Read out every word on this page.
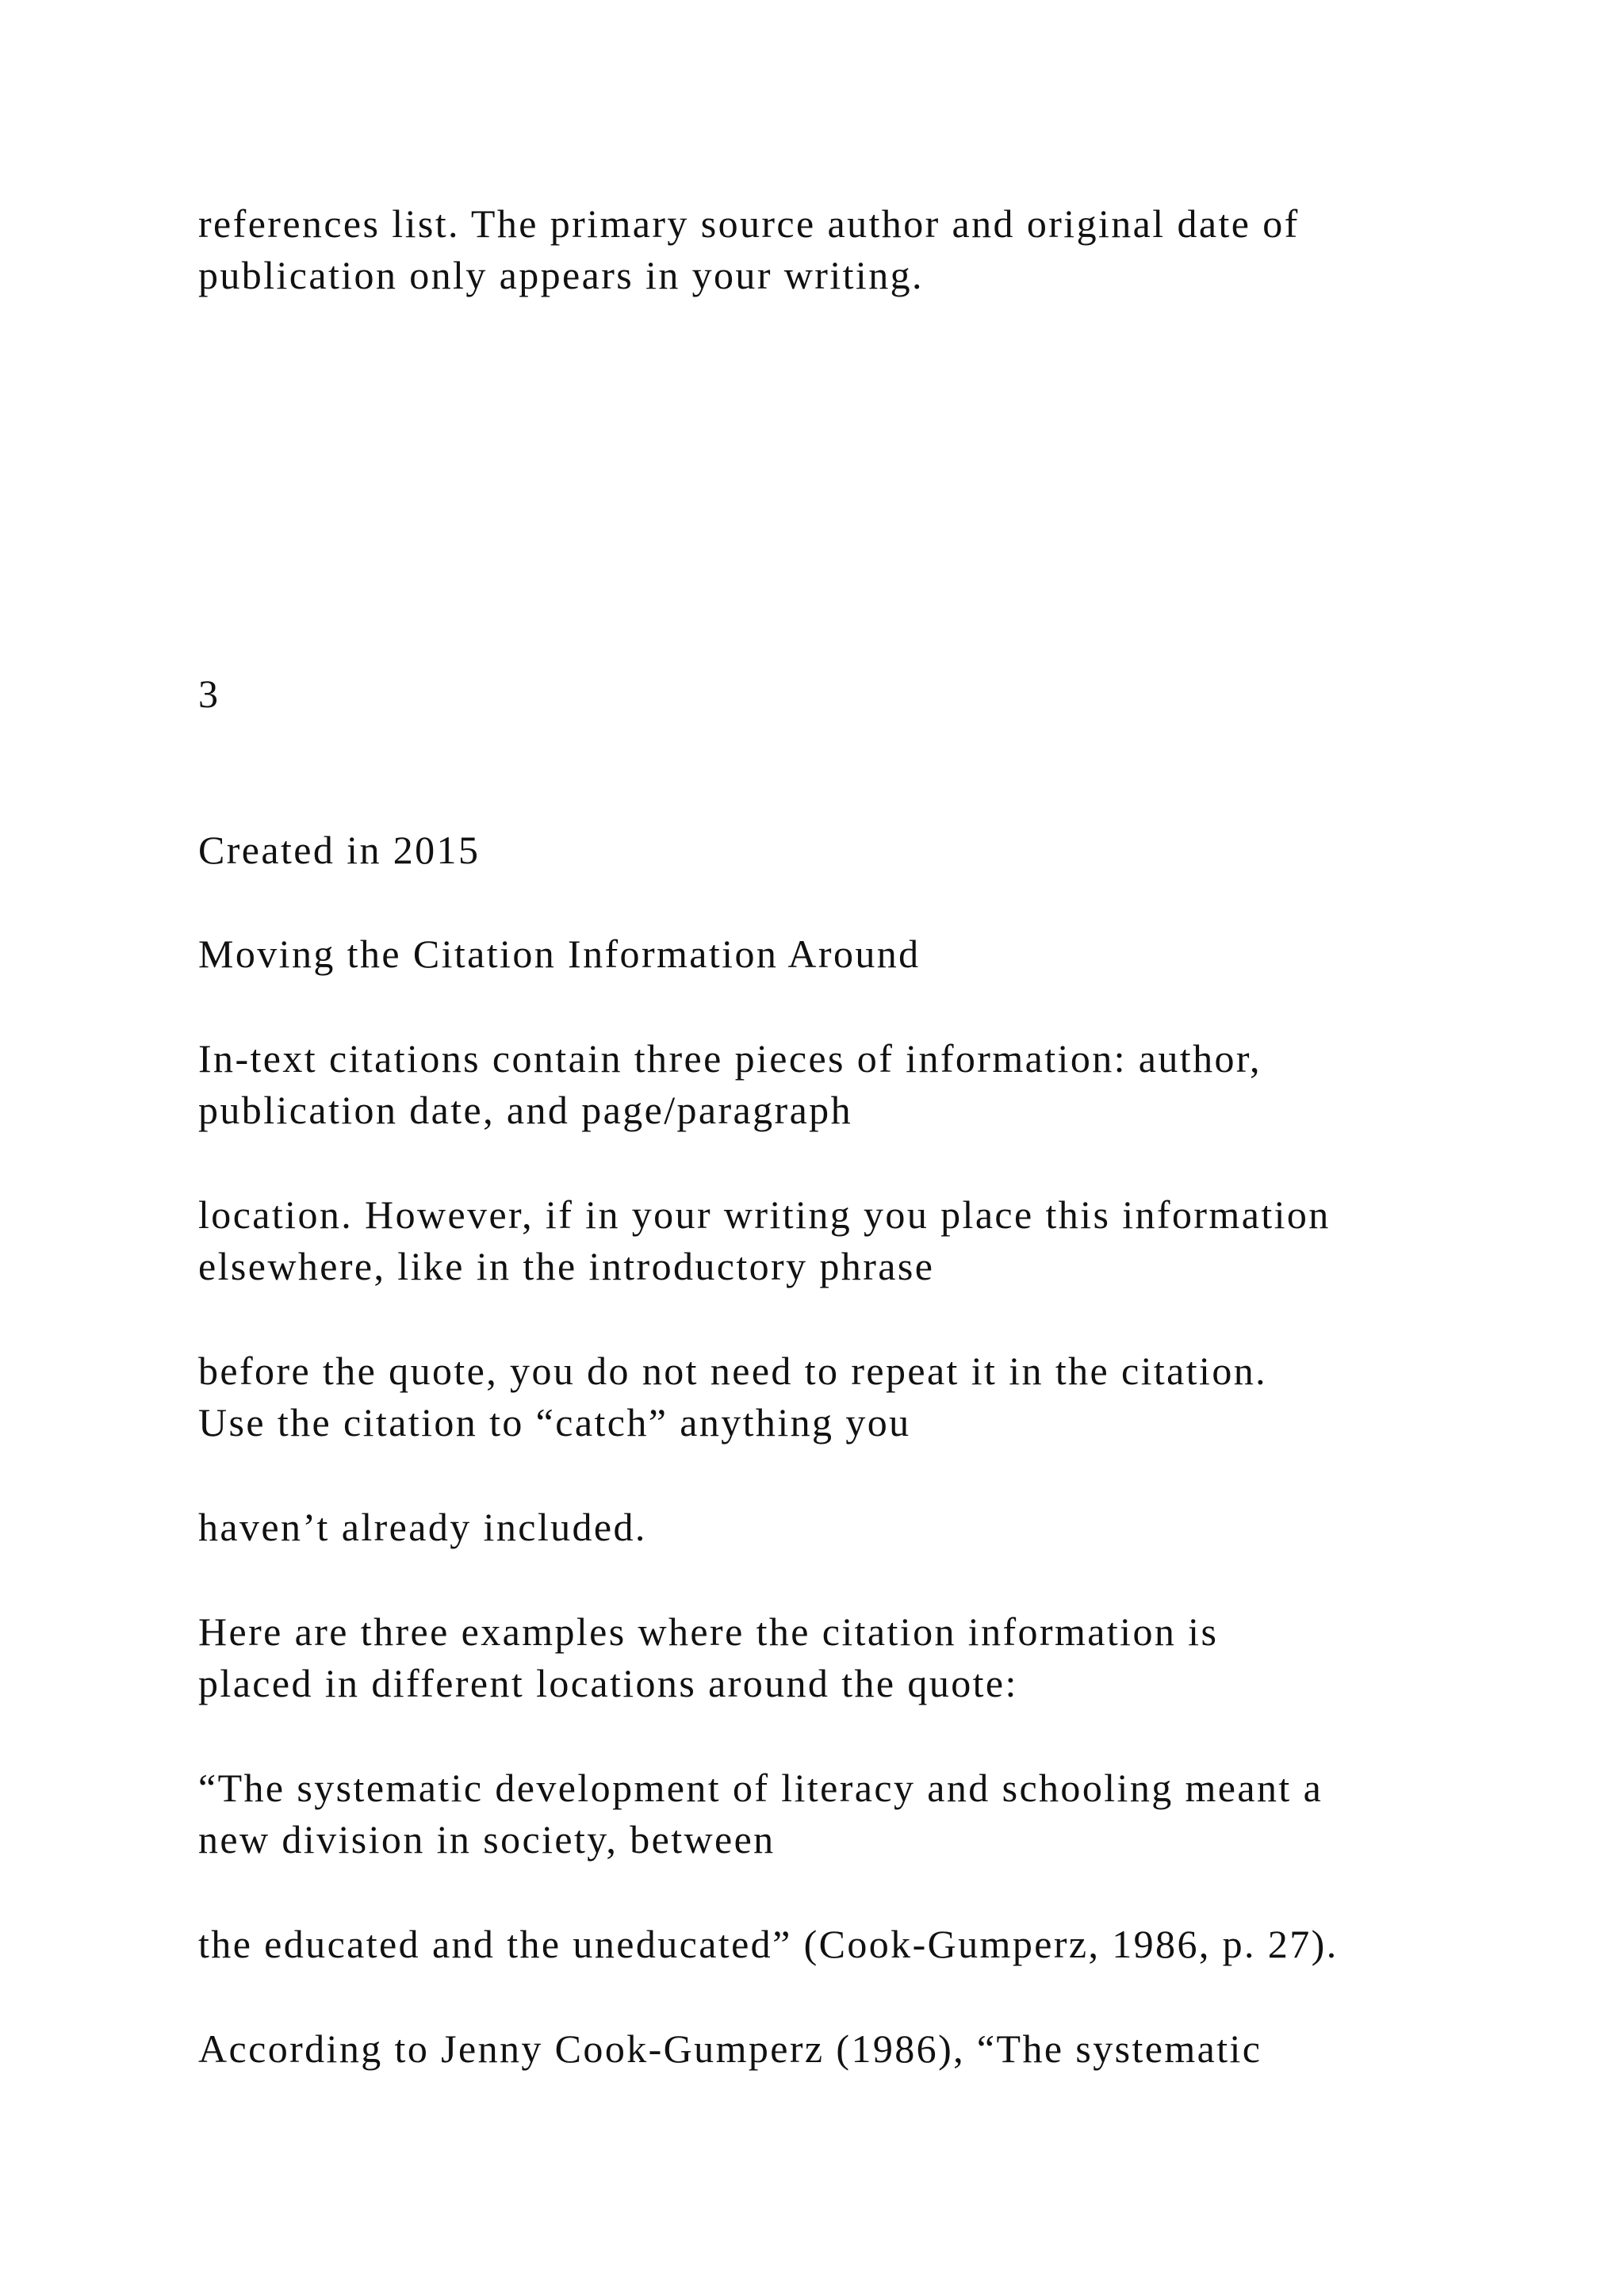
references list. The primary source author and original date of

publication only appears in your writing.

3

Created in 2015

Moving the Citation Information Around

In-text citations contain three pieces of information: author,

publication date, and page/paragraph

location. However, if in your writing you place this information

elsewhere, like in the introductory phrase

before the quote, you do not need to repeat it in the citation.

Use the citation to “catch” anything you

haven’t already included.

Here are three examples where the citation information is

placed in different locations around the quote:

“The systematic development of literacy and schooling meant a

new division in society, between

the educated and the uneducated” (Cook-Gumperz, 1986, p. 27).

According to Jenny Cook-Gumperz (1986), “The systematic
